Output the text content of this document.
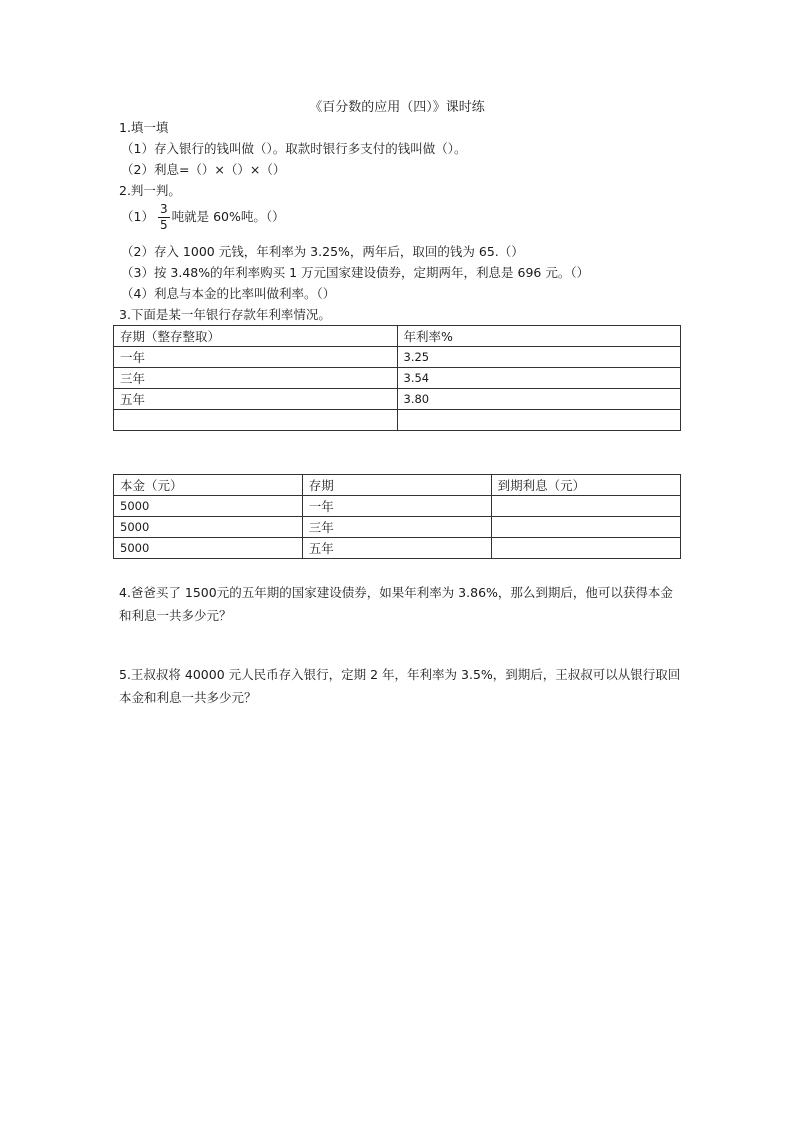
《百分数的应用（四）》课时练
1.填一填
（1）存入银行的钱叫做（）。取款时银行多支付的钱叫做（）。
（2）利息=（）×（）×（）
2.判一判。
$(1) \frac{3}{5}$ 吨就是 60%吨。（）
（2）存入 1000 元钱，年利率为 3.25%，两年后，取回的钱为 65.（）
（3）按 3.48%的年利率购买 1 万元国家建设债券，定期两年，利息是 696 元。（）
（4）利息与本金的比率叫做利率。（）
3.下面是某一年银行存款年利率情况。
存期（整存整取）	年利率%
一年	3.25
三年	3.54
五年	3.80

本金（元）	存期	到期利息（元）
5000	一年	
5000	三年	
5000	五年	
4.爸爸买了 1500元的五年期的国家建设债券，如果年利率为 3.86%，那么到期后，他可以获得本金和利息一共多少元？
5.王叔叔将 40000 元人民币存入银行，定期 2 年，年利率为 3.5%，到期后，王叔叔可以从银行取回本金和利息一共多少元？
